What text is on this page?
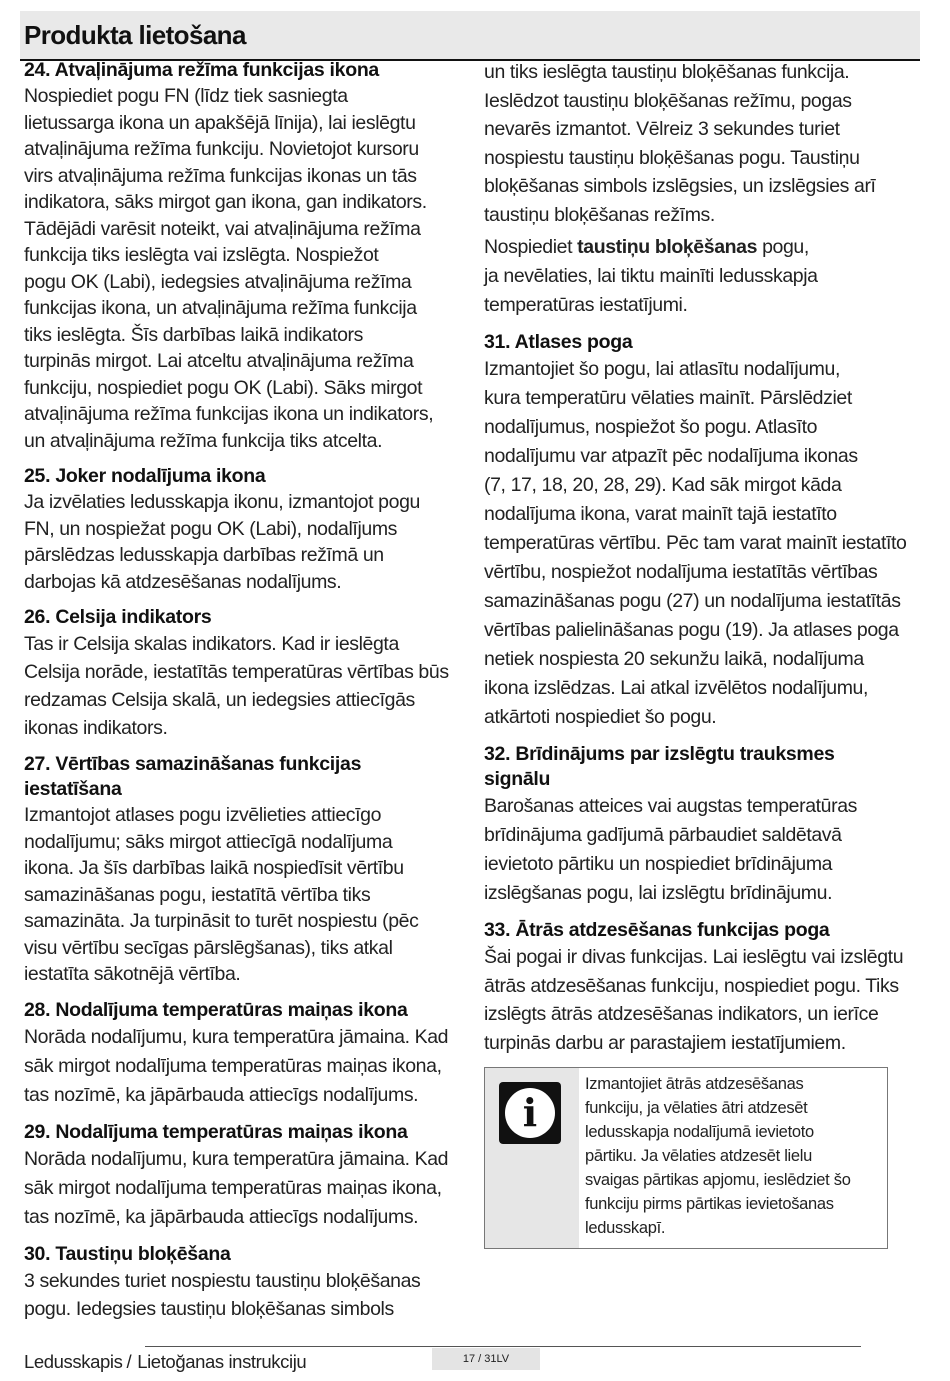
Produkta lietošana

24. Atvaļinājuma režīma funkcijas ikona

Nospiediet pogu FN (līdz tiek sasniegta
lietussarga ikona un apakšējā līnija), lai ieslēgtu
atvaļinājuma režīma funkciju. Novietojot kursoru
virs atvaļinājuma režīma funkcijas ikonas un tās
indikatora, sāks mirgot gan ikona, gan indikators.
Tādējādi varēsit noteikt, vai atvaļinājuma režīma
funkcija tiks ieslēgta vai izslēgta. Nospiežot
pogu OK (Labi), iedegsies atvaļinājuma režīma
funkcijas ikona, un atvaļinājuma režīma funkcija
tiks ieslēgta. Šīs darbības laikā indikators
turpinās mirgot. Lai atceltu atvaļinājuma režīma
funkciju, nospiediet pogu OK (Labi). Sāks mirgot
atvaļinājuma režīma funkcijas ikona un indikators,
un atvaļinājuma režīma funkcija tiks atcelta.

25. Joker nodalījuma ikona

Ja izvēlaties ledusskapja ikonu, izmantojot pogu
FN, un nospiežat pogu OK (Labi), nodalījums
pārslēdzas ledusskapja darbības režīmā un
darbojas kā atdzesēšanas nodalījums.

26. Celsija indikators

Tas ir Celsija skalas indikators. Kad ir ieslēgta
Celsija norāde, iestatītās temperatūras vērtības būs
redzamas Celsija skalā, un iedegsies attiecīgās
ikonas indikators.

27. Vērtības samazināšanas funkcijas

iestatīšana

Izmantojot atlases pogu izvēlieties attiecīgo
nodalījumu; sāks mirgot attiecīgā nodalījuma
ikona. Ja šīs darbības laikā nospiedīsit vērtību
samazināšanas pogu, iestatītā vērtība tiks
samazināta. Ja turpināsit to turēt nospiestu (pēc
visu vērtību secīgas pārslēgšanas), tiks atkal
iestatīta sākotnējā vērtība.

28. Nodalījuma temperatūras maiņas ikona

Norāda nodalījumu, kura temperatūra jāmaina. Kad
sāk mirgot nodalījuma temperatūras maiņas ikona,
tas nozīmē, ka jāpārbauda attiecīgs nodalījums.

29. Nodalījuma temperatūras maiņas ikona

Norāda nodalījumu, kura temperatūra jāmaina. Kad
sāk mirgot nodalījuma temperatūras maiņas ikona,
tas nozīmē, ka jāpārbauda attiecīgs nodalījums.

30. Taustiņu bloķēšana

3 sekundes turiet nospiestu taustiņu bloķēšanas
pogu. Iedegsies taustiņu bloķēšanas simbols
un tiks ieslēgta taustiņu bloķēšanas funkcija.
Ieslēdzot taustiņu bloķēšanas režīmu, pogas
nevarēs izmantot. Vēlreiz 3 sekundes turiet
nospiestu taustiņu bloķēšanas pogu. Taustiņu
bloķēšanas simbols izslēgsies, un izslēgsies arī
taustiņu bloķēšanas režīms.
Nospiediet taustiņu bloķēšanas pogu,
ja nevēlaties, lai tiktu mainīti ledusskapja
temperatūras iestatījumi.

31. Atlases poga

Izmantojiet šo pogu, lai atlasītu nodalījumu,
kura temperatūru vēlaties mainīt. Pārslēdziet
nodalījumus, nospiežot šo pogu. Atlasīto
nodalījumu var atpazīt pēc nodalījuma ikonas
(7, 17, 18, 20, 28, 29). Kad sāk mirgot kāda
nodalījuma ikona, varat mainīt tajā iestatīto
temperatūras vērtību. Pēc tam varat mainīt iestatīto
vērtību, nospiežot nodalījuma iestatītās vērtības
samazināšanas pogu (27) un nodalījuma iestatītās
vērtības palielināšanas pogu (19). Ja atlases poga
netiek nospiesta 20 sekunžu laikā, nodalījuma
ikona izslēdzas. Lai atkal izvēlētos nodalījumu,
atkārtoti nospiediet šo pogu.

32. Brīdinājums par izslēgtu trauksmes

signālu

Barošanas atteices vai augstas temperatūras
brīdinājuma gadījumā pārbaudiet saldētavā
ievietoto pārtiku un nospiediet brīdinājuma
izslēgšanas pogu, lai izslēgtu brīdinājumu.

33. Ātrās atdzesēšanas funkcijas poga

Šai pogai ir divas funkcijas. Lai ieslēgtu vai izslēgtu
ātrās atdzesēšanas funkciju, nospiediet pogu. Tiks
izslēgts ātrās atdzesēšanas indikators, un ierīce
turpinās darbu ar parastajiem iestatījumiem.
i
Izmantojiet ātrās atdzesēšanas
funkciju, ja vēlaties ātri atdzesēt
ledusskapja nodalījumā ievietoto
pārtiku. Ja vēlaties atdzesēt lielu
svaigas pārtikas apjomu, ieslēdziet šo
funkciju pirms pārtikas ievietošanas
ledusskapī.
Ledusskapis / Lietoğanas instrukciju	17 / 31LV
